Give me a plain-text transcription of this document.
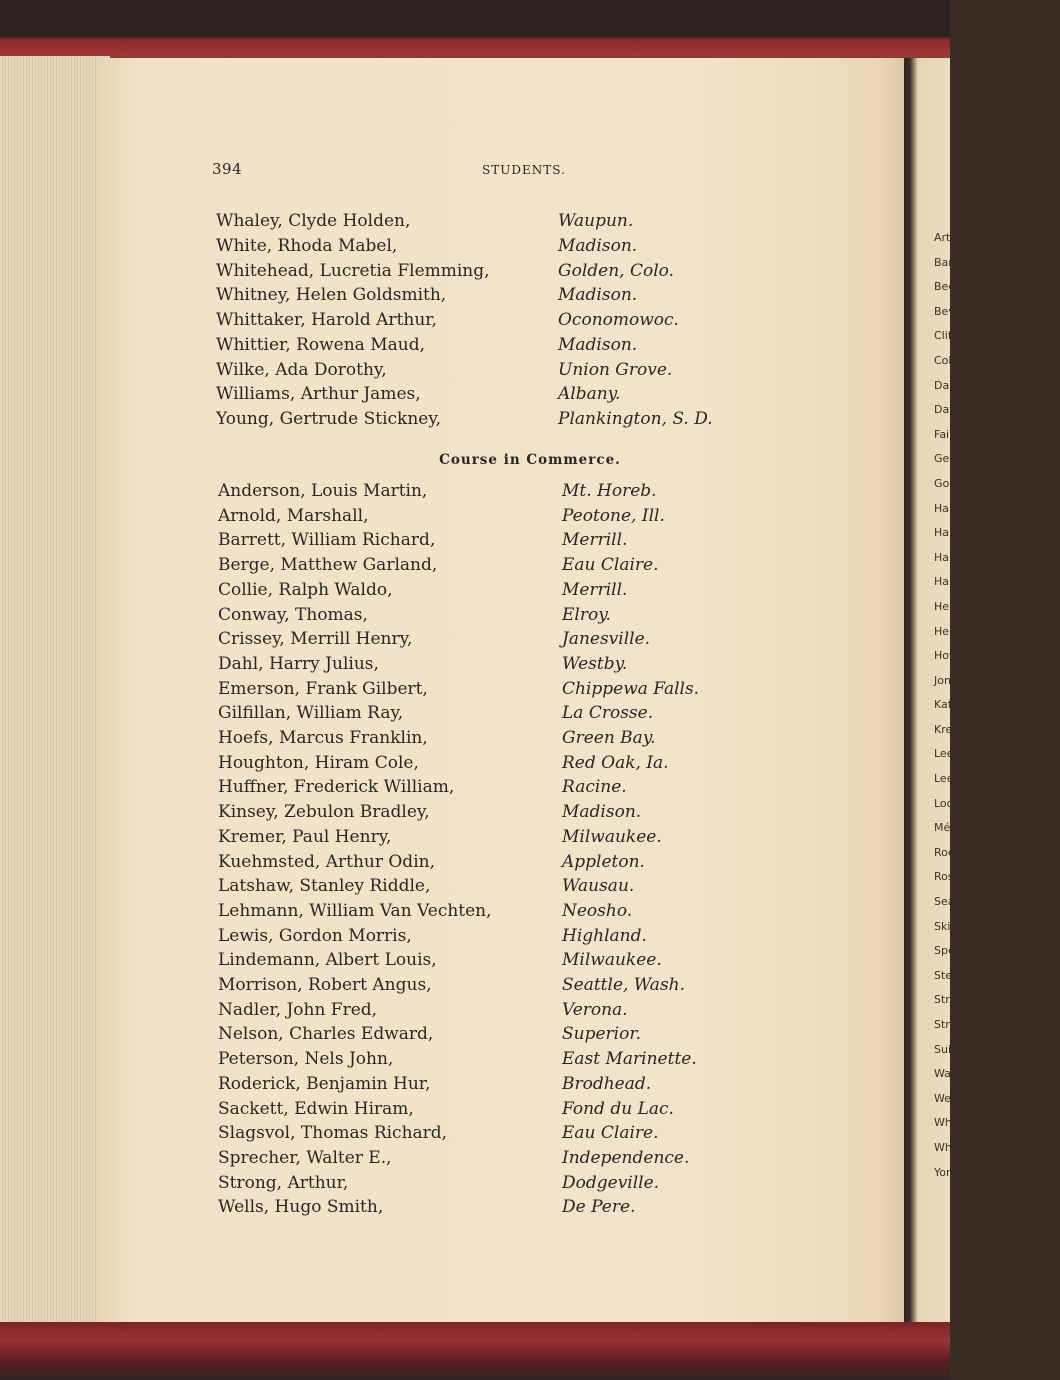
Art
Bar
Bec
Bev
Clif
Col
Dar
Dav
Fai
Gee
God
Haa
Hal
Har
Har
Hei
Her
Hov
Jon
Kat
Kre
Lee
Lee
Loo
Mé
Roe
Ros
Sea
Ski
Spe
Ste
Str
Str
Sui
Wa
We
Wh
Wh
Yor
394	STUDENTS.
Whaley, Clyde Holden,	Waupun.
White, Rhoda Mabel,	Madison.
Whitehead, Lucretia Flemming,	Golden, Colo.
Whitney, Helen Goldsmith,	Madison.
Whittaker, Harold Arthur,	Oconomowoc.
Whittier, Rowena Maud,	Madison.
Wilke, Ada Dorothy,	Union Grove.
Williams, Arthur James,	Albany.
Young, Gertrude Stickney,	Plankington, S. D.
Anderson, Louis Martin,	Mt. Horeb.
Arnold, Marshall,	Peotone, Ill.
Barrett, William Richard,	Merrill.
Berge, Matthew Garland,	Eau Claire.
Collie, Ralph Waldo,	Merrill.
Conway, Thomas,	Elroy.
Crissey, Merrill Henry,	Janesville.
Dahl, Harry Julius,	Westby.
Emerson, Frank Gilbert,	Chippewa Falls.
Gilfillan, William Ray,	La Crosse.
Hoefs, Marcus Franklin,	Green Bay.
Houghton, Hiram Cole,	Red Oak, Ia.
Huffner, Frederick William,	Racine.
Kinsey, Zebulon Bradley,	Madison.
Kremer, Paul Henry,	Milwaukee.
Kuehmsted, Arthur Odin,	Appleton.
Latshaw, Stanley Riddle,	Wausau.
Lehmann, William Van Vechten,	Neosho.
Lewis, Gordon Morris,	Highland.
Lindemann, Albert Louis,	Milwaukee.
Morrison, Robert Angus,	Seattle, Wash.
Nadler, John Fred,	Verona.
Nelson, Charles Edward,	Superior.
Peterson, Nels John,	East Marinette.
Roderick, Benjamin Hur,	Brodhead.
Sackett, Edwin Hiram,	Fond du Lac.
Slagsvol, Thomas Richard,	Eau Claire.
Sprecher, Walter E.,	Independence.
Strong, Arthur,	Dodgeville.
Wells, Hugo Smith,	De Pere.
Course in Commerce.
